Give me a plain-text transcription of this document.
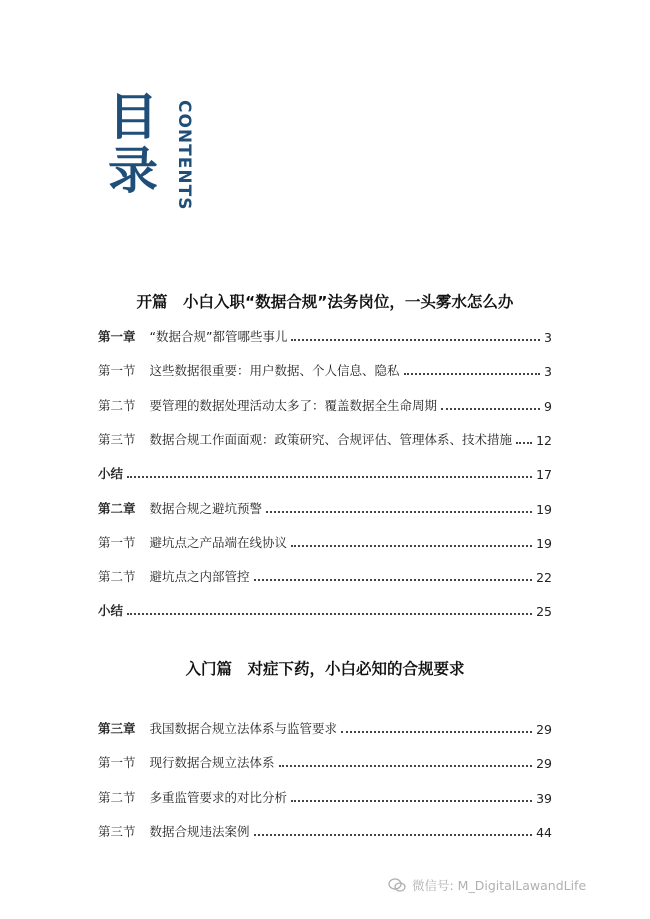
目
录 CONTENTS
开篇　小白入职“数据合规”法务岗位，一头雾水怎么办
第一章 “数据合规”都管哪些事儿	3
第一节 这些数据很重要：用户数据、个人信息、隐私	3
第二节 要管理的数据处理活动太多了：覆盖数据全生命周期	9
第三节 数据合规工作面面观：政策研究、合规评估、管理体系、技术措施 12
小结	17
第二章 数据合规之避坑预警	19
第一节 避坑点之产品端在线协议	19
第二节 避坑点之内部管控	22
小结	25
入门篇　对症下药，小白必知的合规要求
第三章 我国数据合规立法体系与监管要求	29
第一节 现行数据合规立法体系	29
第二节 多重监管要求的对比分析	39
第三节 数据合规违法案例	44
微信号: M_DigitalLawandLife
